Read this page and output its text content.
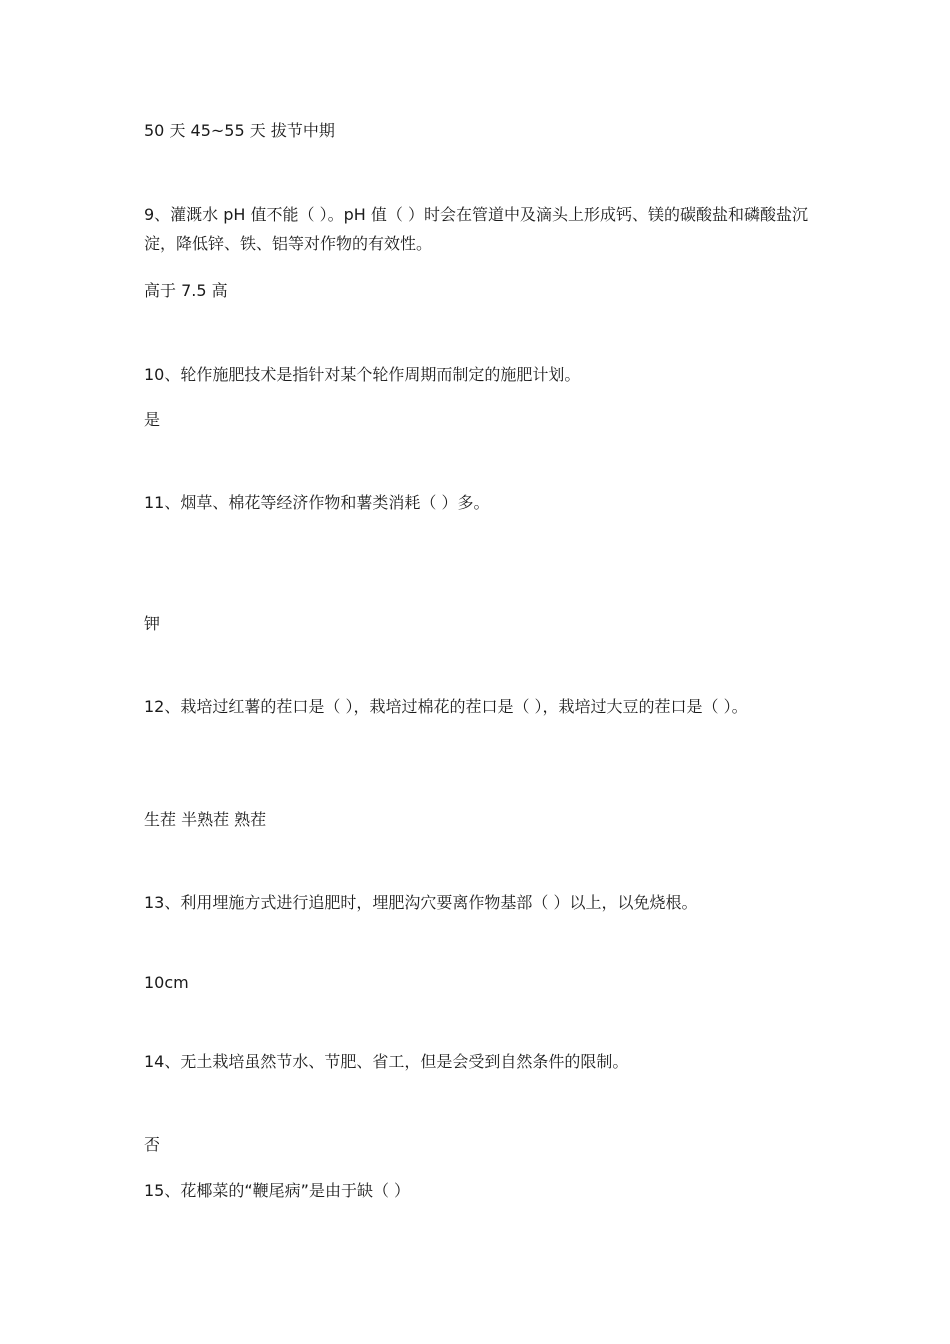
50 天 45~55 天 拔节中期

9、灌溉水 pH 值不能（ ）。pH 值（ ）时会在管道中及滴头上形成钙、镁的碳酸盐和磷酸盐沉淀，降低锌、铁、铝等对作物的有效性。

高于 7.5 高

10、轮作施肥技术是指针对某个轮作周期而制定的施肥计划。

是

11、烟草、棉花等经济作物和薯类消耗（ ）多。

钾

12、栽培过红薯的茬口是（ ），栽培过棉花的茬口是（ ），栽培过大豆的茬口是（ ）。

生茬 半熟茬 熟茬

13、利用埋施方式进行追肥时，埋肥沟穴要离作物基部（ ）以上，以免烧根。

10cm

14、无土栽培虽然节水、节肥、省工，但是会受到自然条件的限制。

否

15、花椰菜的“鞭尾病”是由于缺（ ）
